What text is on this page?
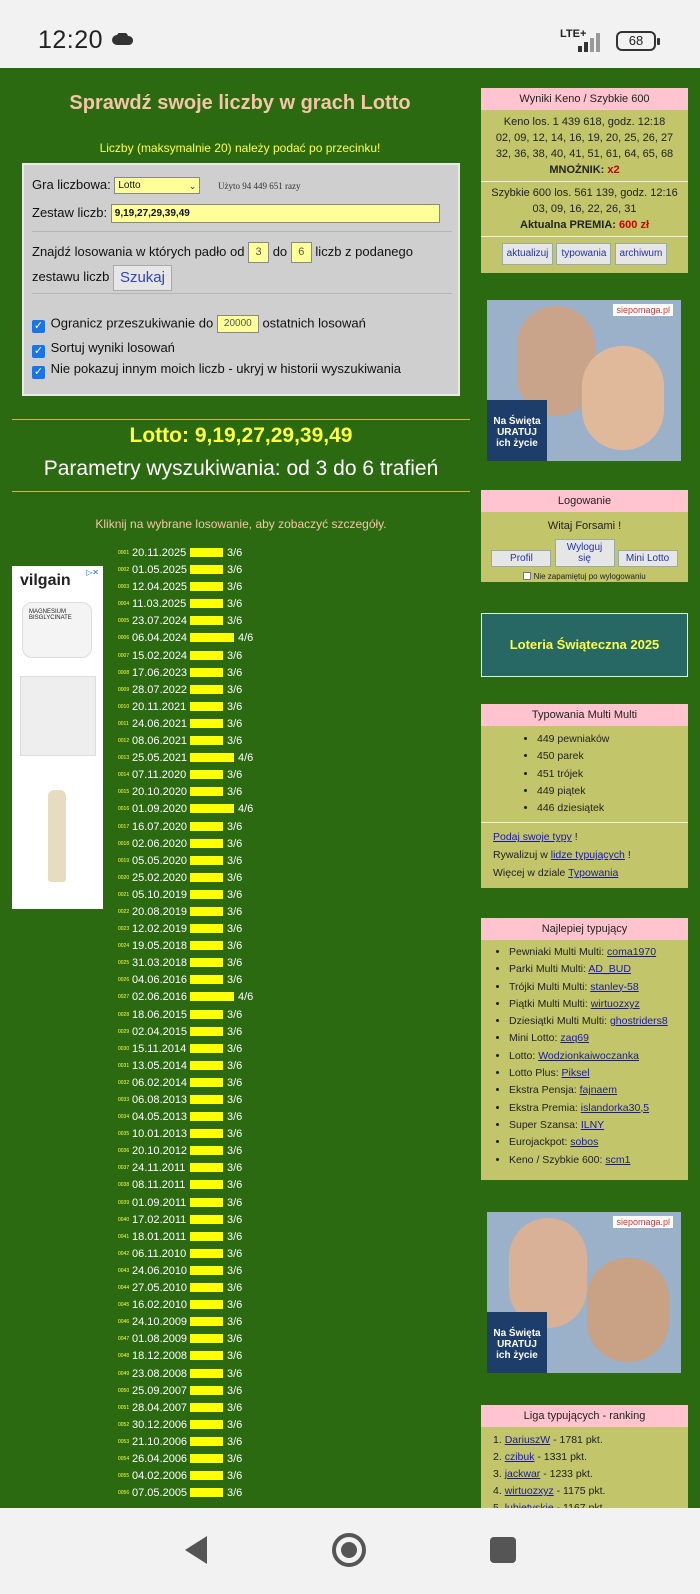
12:20	LTE+	68
Sprawdź swoje liczby w grach Lotto
Liczby (maksymalnie 20) należy podać po przecinku!
Gra liczbowa: Lotto	⌄ Użyto 94 449 651 razy
Zestaw liczb: 9,19,27,29,39,49
Znajdź losowania w których padło od 3 do 6 liczb z podanego
zestawu liczb Szukaj
✓ Ogranicz przeszukiwanie do 20000 ostatnich losowań
✓ Sortuj wyniki losowań
✓ Nie pokazuj innym moich liczb - ukryj w historii wyszukiwania
Lotto: 9,19,27,29,39,49
Parametry wyszukiwania: od 3 do 6 trafień
Kliknij na wybrane losowanie, aby zobaczyć szczegóły.
vilgain ▷✕
MAGNESIUM BISGLYCINATE
0001 20.11.2025	3/6
0002 01.05.2025	3/6
0003 12.04.2025	3/6
0004 11.03.2025	3/6
0005 23.07.2024	3/6
0006 06.04.2024	4/6
0007 15.02.2024	3/6
0008 17.06.2023	3/6
0009 28.07.2022	3/6
0010 20.11.2021	3/6
0011 24.06.2021	3/6
0012 08.06.2021	3/6
0013 25.05.2021	4/6
0014 07.11.2020	3/6
0015 20.10.2020	3/6
0016 01.09.2020	4/6
0017 16.07.2020	3/6
0018 02.06.2020	3/6
0019 05.05.2020	3/6
0020 25.02.2020	3/6
0021 05.10.2019	3/6
0022 20.08.2019	3/6
0023 12.02.2019	3/6
0024 19.05.2018	3/6
0025 31.03.2018	3/6
0026 04.06.2016	3/6
0027 02.06.2016	4/6
0028 18.06.2015	3/6
0029 02.04.2015	3/6
0030 15.11.2014	3/6
0031 13.05.2014	3/6
0032 06.02.2014	3/6
0033 06.08.2013	3/6
0034 04.05.2013	3/6
0035 10.01.2013	3/6
0036 20.10.2012	3/6
0037 24.11.2011	3/6
0038 08.11.2011	3/6
0039 01.09.2011	3/6
0040 17.02.2011	3/6
0041 18.01.2011	3/6
0042 06.11.2010	3/6
0043 24.06.2010	3/6
0044 27.05.2010	3/6
0045 16.02.2010	3/6
0046 24.10.2009	3/6
0047 01.08.2009	3/6
0048 18.12.2008	3/6
0049 23.08.2008	3/6
0050 25.09.2007	3/6
0051 28.04.2007	3/6
0052 30.12.2006	3/6
0053 21.10.2006	3/6
0054 26.04.2006	3/6
0055 04.02.2006	3/6
0056 07.05.2005	3/6
Wyniki Keno / Szybkie 600
Keno los. 1 439 618, godz. 12:18
02, 09, 12, 14, 16, 19, 20, 25, 26, 27
32, 36, 38, 40, 41, 51, 61, 64, 65, 68
MNOŻNIK: x2
Szybkie 600 los. 561 139, godz. 12:16
03, 09, 16, 22, 26, 31
Aktualna PREMIA: 600 zł
aktualizuj typowania archiwum
siepomaga.pl
Na Święta URATUJ ich życie
Logowanie
Witaj Forsami !
Profil Wyloguj się	Mini Lotto
Nie zapamiętuj po wylogowaniu
Loteria Świąteczna 2025
Typowania Multi Multi
• 449 pewniaków
• 450 parek
• 451 trójek
• 449 piątek
• 446 dziesiątek
Podaj swoje typy !
Rywalizuj w lidze typujących !
Więcej w dziale Typowania
Najlepiej typujący
• Pewniaki Multi Multi: coma1970
• Parki Multi Multi: AD_BUD
• Trójki Multi Multi: stanley-58
• Piątki Multi Multi: wirtuozxyz
• Dziesiątki Multi Multi: ghostriders8
• Mini Lotto: zaq69
• Lotto: Wodzionkaiwoczanka
• Lotto Plus: Piksel
• Ekstra Pensja: fajnaem
• Ekstra Premia: islandorka30,5
• Super Szansa: ILNY
• Eurojackpot: sobos
• Keno / Szybkie 600: scm1
siepomaga.pl
Na Święta URATUJ ich życie
Liga typujących - ranking
1. DariuszW - 1781 pkt.
2. czibuk - 1331 pkt.
3. jackwar - 1233 pkt.
4. wirtuozxyz - 1175 pkt.
